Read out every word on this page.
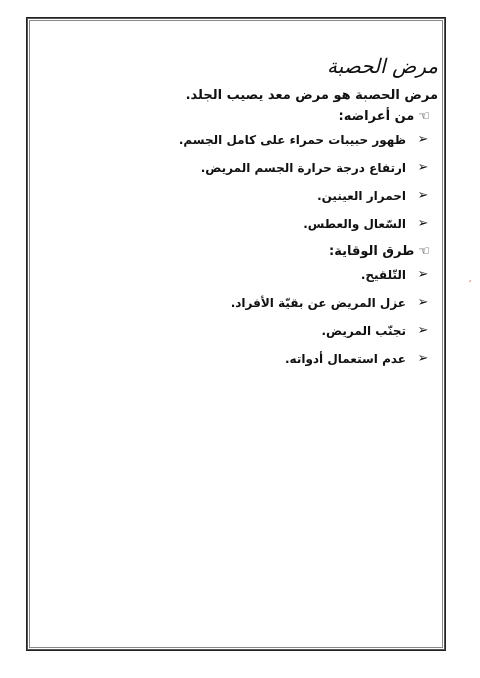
مرض الحصبة
مرض الحصبة هو مرض معد يصيب الجلد.
☜
من أعراضه:
➢
ظهور حبيبات حمراء على كامل الجسم.
➢
ارتفاع درجة حرارة الجسم المريض.
➢
احمرار العينين.
➢
السّعال والعطس.
☜
طرق الوقاية:
➢
التّلقيح.
➢
عزل المريض عن بقيّة الأفراد.
➢
تجنّب المريض.
➢
عدم استعمال أدواته.
ˊ
